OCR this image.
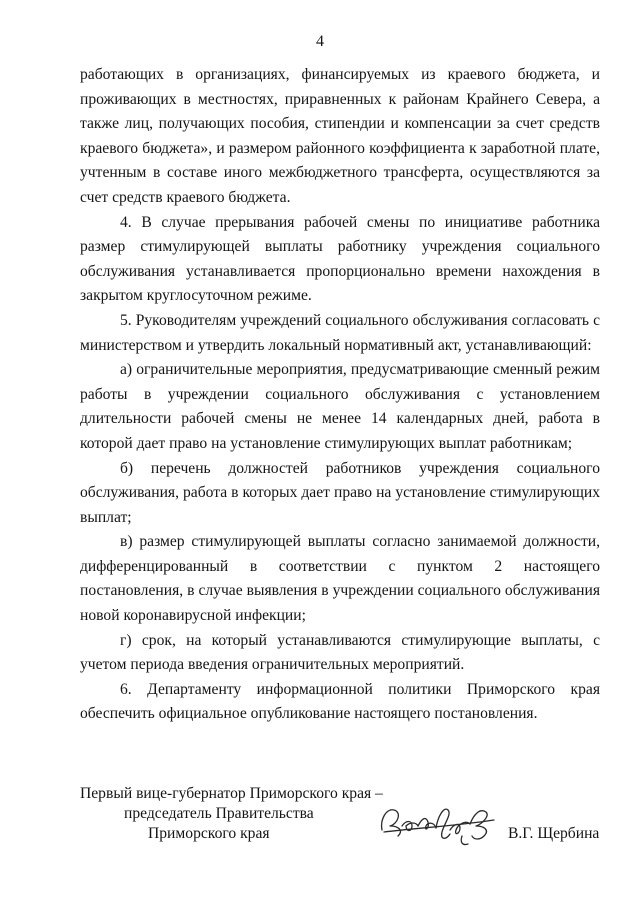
4

работающих в организациях, финансируемых из краевого бюджета, и проживающих в местностях, приравненных к районам Крайнего Севера, а также лиц, получающих пособия, стипендии и компенсации за счет средств краевого бюджета», и размером районного коэффициента к заработной плате, учтенным в составе иного межбюджетного трансферта, осуществляются за счет средств краевого бюджета.

4. В случае прерывания рабочей смены по инициативе работника размер стимулирующей выплаты работнику учреждения социального обслуживания устанавливается пропорционально времени нахождения в закрытом круглосуточном режиме.

5. Руководителям учреждений социального обслуживания согласовать с министерством и утвердить локальный нормативный акт, устанавливающий:

а) ограничительные мероприятия, предусматривающие сменный режим работы в учреждении социального обслуживания с установлением длительности рабочей смены не менее 14 календарных дней, работа в которой дает право на установление стимулирующих выплат работникам;

б) перечень должностей работников учреждения социального обслуживания, работа в которых дает право на установление стимулирующих выплат;

в) размер стимулирующей выплаты согласно занимаемой должности, дифференцированный в соответствии с пунктом 2 настоящего постановления, в случае выявления в учреждении социального обслуживания новой коронавирусной инфекции;

г) срок, на который устанавливаются стимулирующие выплаты, с учетом периода введения ограничительных мероприятий.

6. Департаменту информационной политики Приморского края обеспечить официальное опубликование настоящего постановления.

Первый вице-губернатор Приморского края –
председатель Правительства
Приморского края	В.Г. Щербина
